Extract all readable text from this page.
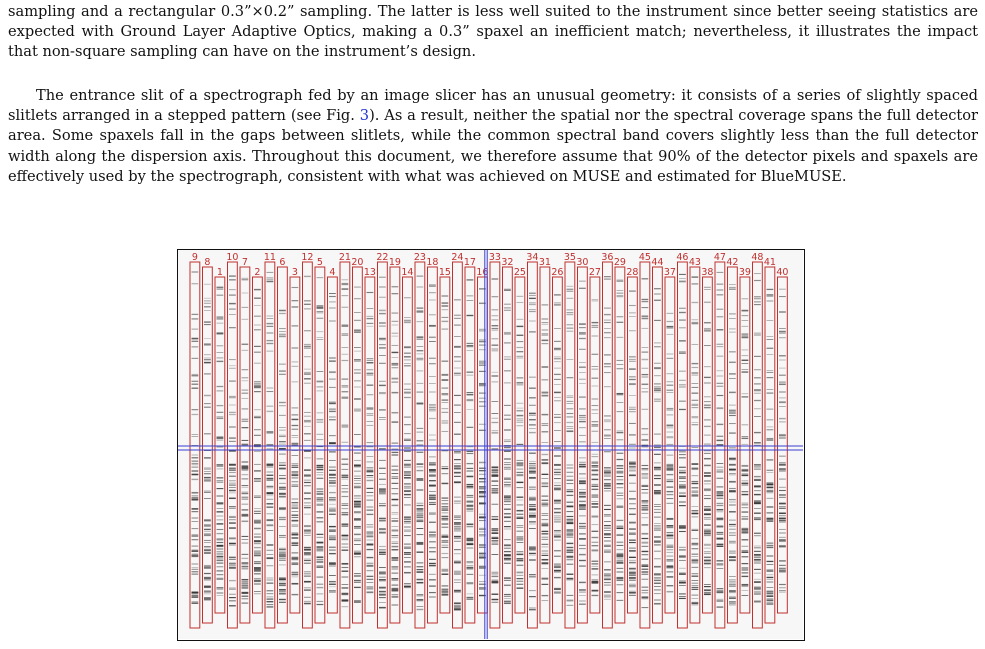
sampling and a rectangular 0.3”×0.2” sampling. The latter is less well suited to the instrument since better seeing statistics are expected with Ground Layer Adaptive Optics, making a 0.3” spaxel an inefficient match; nevertheless, it illustrates the impact that non-square sampling can have on the instrument’s design.

The entrance slit of a spectrograph fed by an image slicer has an unusual geometry: it consists of a series of slightly spaced slitlets arranged in a stepped pattern (see Fig. 3). As a result, neither the spatial nor the spectral coverage spans the full detector area. Some spaxels fall in the gaps between slitlets, while the common spectral band covers slightly less than the full detector width along the dispersion axis. Throughout this document, we therefore assume that 90% of the detector pixels and spaxels are effectively used by the spectrograph, consistent with what was achieved on MUSE and estimated for BlueMUSE.

9 8
1
10 7
2
11 6
3
12 5
4
21 20
13
22 19
14
23 18
15
24 17
16
33 32
25
34 31
26
35 30
27
36 29
28
45 44
37
46 43
38
47 42
39
48 41
40
